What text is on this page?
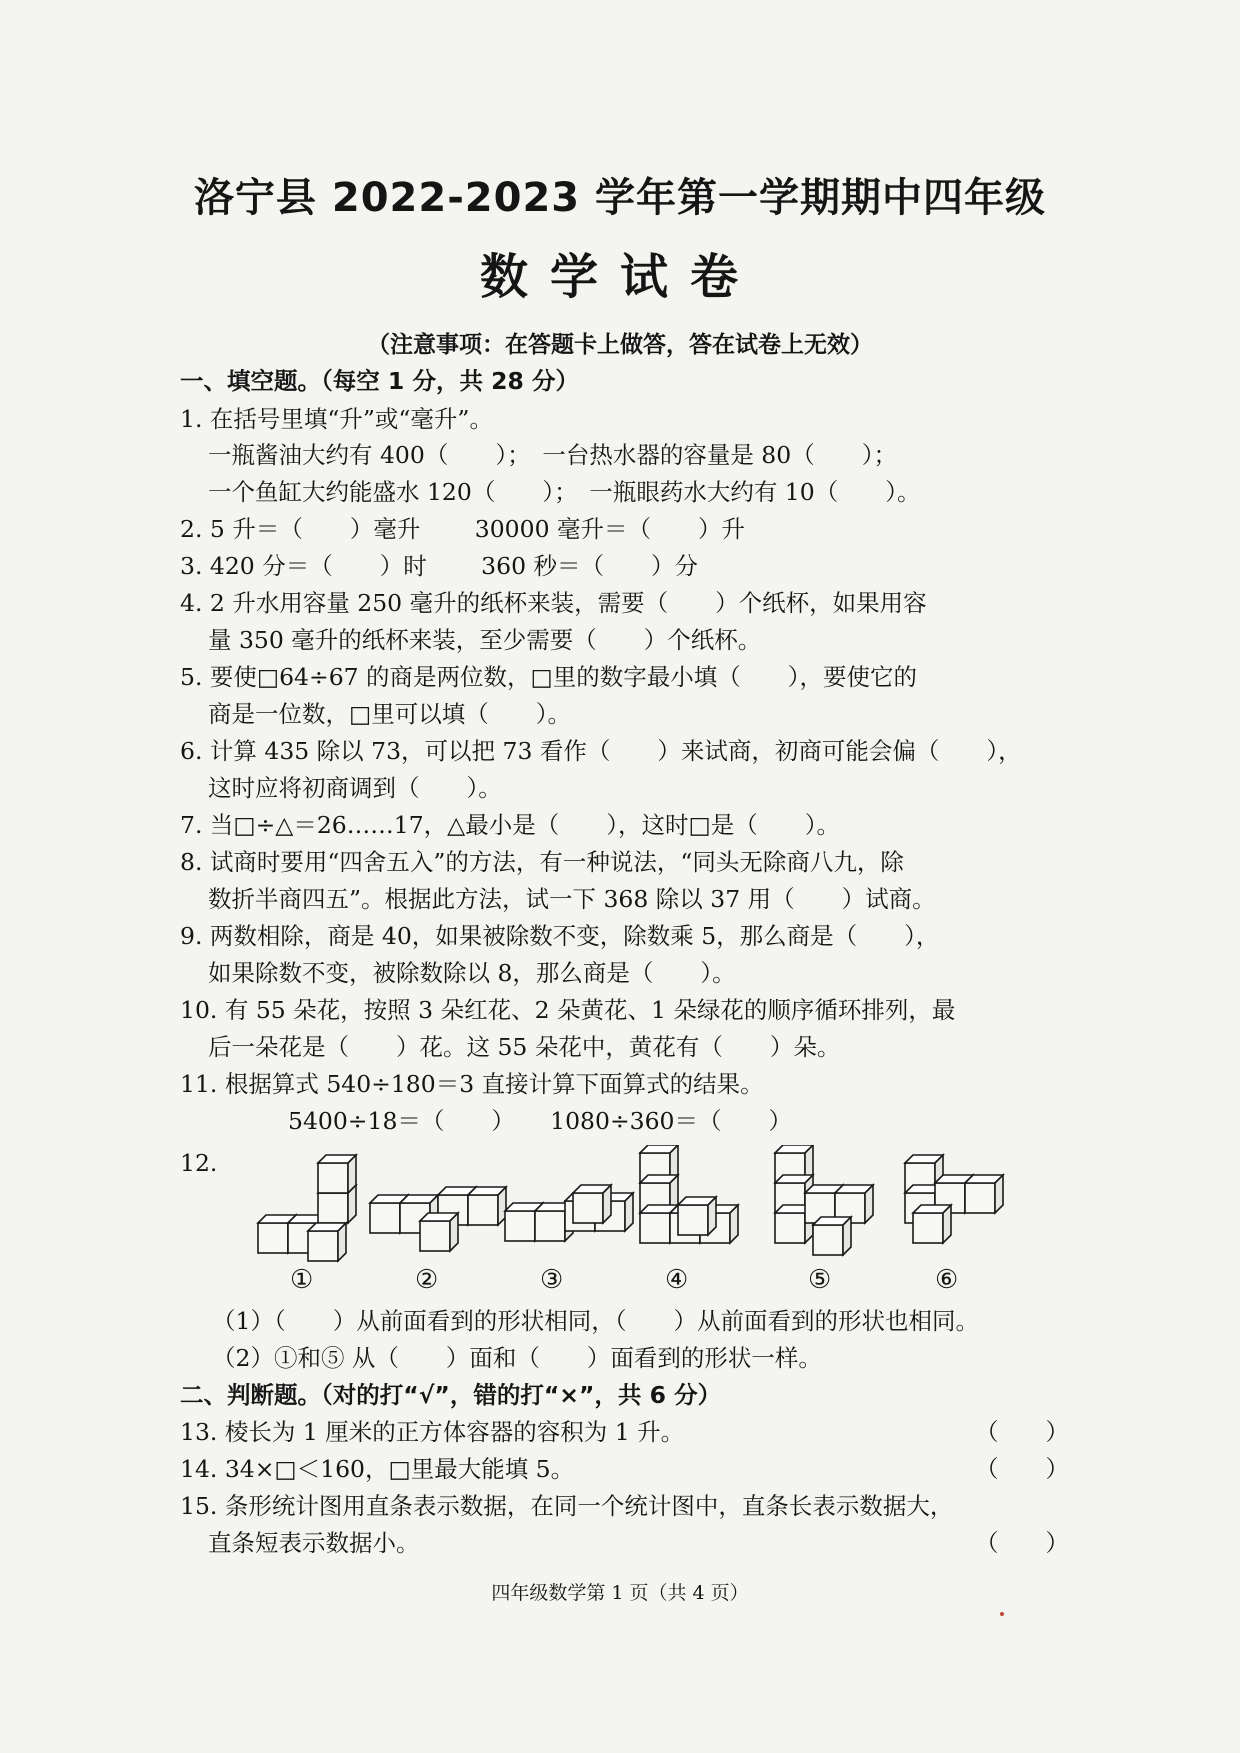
洛宁县 2022-2023 学年第一学期期中四年级
数学试卷
（注意事项：在答题卡上做答，答在试卷上无效）
一、填空题。（每空 1 分，共 28 分）
1. 在括号里填“升”或“毫升”。
一瓶酱油大约有 400（　　）；　一台热水器的容量是 80（　　）；
一个鱼缸大约能盛水 120（　　）；　一瓶眼药水大约有 10（　　）。
2. 5 升＝（　　）毫升　　 30000 毫升＝（　　）升
3. 420 分＝（　　）时　　 360 秒＝（　　）分
4. 2 升水用容量 250 毫升的纸杯来装，需要（　　）个纸杯，如果用容
量 350 毫升的纸杯来装，至少需要（　　）个纸杯。
5. 要使□64÷67 的商是两位数，□里的数字最小填（　　），要使它的
商是一位数，□里可以填（　　）。
6. 计算 435 除以 73，可以把 73 看作（　　）来试商，初商可能会偏（　　），
这时应将初商调到（　　）。
7. 当□÷△＝26……17，△最小是（　　），这时□是（　　）。
8. 试商时要用“四舍五入”的方法，有一种说法，“同头无除商八九，除
数折半商四五”。根据此方法，试一下 368 除以 37 用（　　）试商。
9. 两数相除，商是 40，如果被除数不变，除数乘 5，那么商是（　　），
如果除数不变，被除数除以 8，那么商是（　　）。
10. 有 55 朵花，按照 3 朵红花、2 朵黄花、1 朵绿花的顺序循环排列，最
后一朵花是（　　）花。这 55 朵花中，黄花有（　　）朵。
11. 根据算式 540÷180＝3 直接计算下面算式的结果。
5400÷18＝（　　）　　1080÷360＝（　　）
12.
①	②	③	④	⑤	⑥
（1）（　　）从前面看到的形状相同，（　　）从前面看到的形状也相同。
（2）①和⑤ 从（　　）面和（　　）面看到的形状一样。
二、判断题。（对的打“√”，错的打“×”，共 6 分）
13. 棱长为 1 厘米的正方体容器的容积为 1 升。	（　　）
14. 34×□＜160，□里最大能填 5。	（　　）
15. 条形统计图用直条表示数据，在同一个统计图中，直条长表示数据大，
直条短表示数据小。	（　　）
四年级数学第 1 页（共 4 页）
